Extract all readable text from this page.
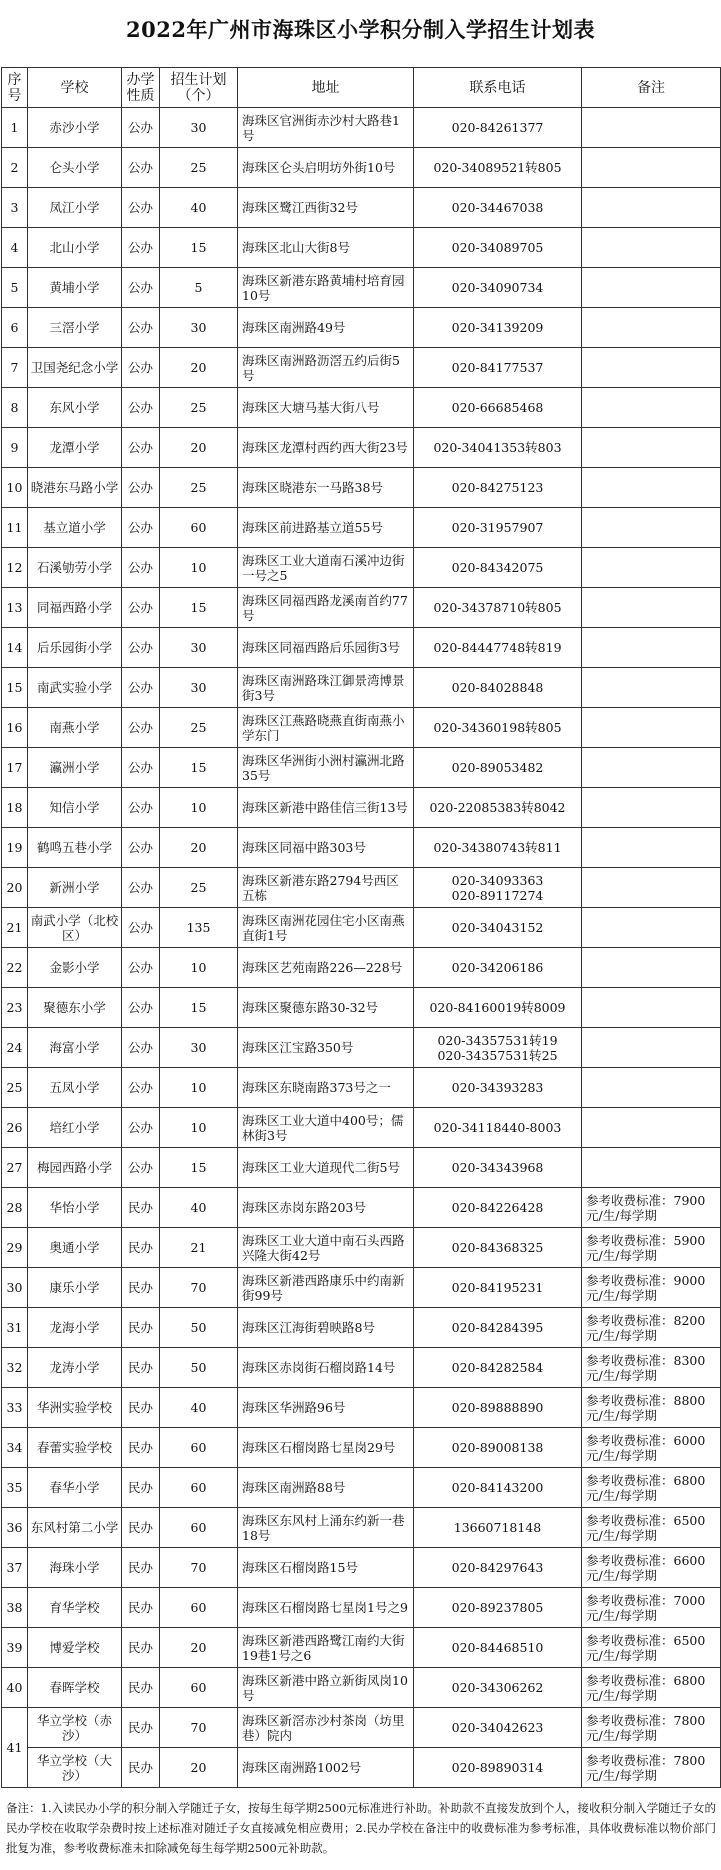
2022年广州市海珠区小学积分制入学招生计划表
序号	学校	办学性质	招生计划（个）	地址	联系电话	备注
1	赤沙小学	公办	30	海珠区官洲街赤沙村大路巷1号	020-84261377	
2	仑头小学	公办	25	海珠区仑头启明坊外街10号	020-34089521转805	
3	凤江小学	公办	40	海珠区鹭江西街32号	020-34467038	
4	北山小学	公办	15	海珠区北山大街8号	020-34089705	
5	黄埔小学	公办	5	海珠区新港东路黄埔村培育园10号	020-34090734	
6	三滘小学	公办	30	海珠区南洲路49号	020-34139209	
7	卫国尧纪念小学	公办	20	海珠区南洲路沥滘五约后街5号	020-84177537	
8	东风小学	公办	25	海珠区大塘马基大街八号	020-66685468	
9	龙潭小学	公办	20	海珠区龙潭村西约西大街23号	020-34041353转803	
10	晓港东马路小学	公办	25	海珠区晓港东一马路38号	020-84275123	
11	基立道小学	公办	60	海珠区前进路基立道55号	020-31957907	
12	石溪劬劳小学	公办	10	海珠区工业大道南石溪冲边街一号之5	020-84342075	
13	同福西路小学	公办	15	海珠区同福西路龙溪南首约77号	020-34378710转805	
14	后乐园街小学	公办	30	海珠区同福西路后乐园街3号	020-84447748转819	
15	南武实验小学	公办	30	海珠区南洲路珠江御景湾博景街3号	020-84028848	
16	南燕小学	公办	25	海珠区江燕路晓燕直街南燕小学东门	020-34360198转805	
17	瀛洲小学	公办	15	海珠区华洲街小洲村瀛洲北路35号	020-89053482	
18	知信小学	公办	10	海珠区新港中路佳信三街13号	020-22085383转8042	
19	鹤鸣五巷小学	公办	20	海珠区同福中路303号	020-34380743转811	
20	新洲小学	公办	25	海珠区新港东路2794号西区五栋	020-34093363
020-89117274	
21	南武小学（北校区）	公办	135	海珠区南洲花园住宅小区南燕直街1号	020-34043152	
22	金影小学	公办	10	海珠区艺苑南路226—228号	020-34206186	
23	聚德东小学	公办	15	海珠区聚德东路30-32号	020-84160019转8009	
24	海富小学	公办	30	海珠区江宝路350号	020-34357531转19
020-34357531转25	
25	五凤小学	公办	10	海珠区东晓南路373号之一	020-34393283	
26	培红小学	公办	10	海珠区工业大道中400号；儒林街3号	020-34118440-8003	
27	梅园西路小学	公办	15	海珠区工业大道现代二街5号	020-34343968	
28	华怡小学	民办	40	海珠区赤岗东路203号	020-84226428	参考收费标准：7900元/生/每学期
29	奥通小学	民办	21	海珠区工业大道中南石头西路兴隆大街42号	020-84368325	参考收费标准：5900元/生/每学期
30	康乐小学	民办	70	海珠区新港西路康乐中约南新街99号	020-84195231	参考收费标准：9000元/生/每学期
31	龙海小学	民办	50	海珠区江海街碧映路8号	020-84284395	参考收费标准：8200元/生/每学期
32	龙涛小学	民办	50	海珠区赤岗街石榴岗路14号	020-84282584	参考收费标准：8300元/生/每学期
33	华洲实验学校	民办	40	海珠区华洲路96号	020-89888890	参考收费标准：8800元/生/每学期
34	春蕾实验学校	民办	60	海珠区石榴岗路七星岗29号	020-89008138	参考收费标准：6000元/生/每学期
35	春华小学	民办	60	海珠区南洲路88号	020-84143200	参考收费标准：6800元/生/每学期
36	东风村第二小学	民办	60	海珠区东风村上涌东约新一巷18号	13660718148	参考收费标准：6500元/生/每学期
37	海珠小学	民办	70	海珠区石榴岗路15号	020-84297643	参考收费标准：6600元/生/每学期
38	育华学校	民办	60	海珠区石榴岗路七星岗1号之9	020-89237805	参考收费标准：7000元/生/每学期
39	博爱学校	民办	20	海珠区新港西路鹭江南约大街19巷1号之6	020-84468510	参考收费标准：6500元/生/每学期
40	春晖学校	民办	60	海珠区新港中路立新街凤岗10号	020-34306262	参考收费标准：6800元/生/每学期
41	华立学校（赤沙）	民办	70	海珠区新滘赤沙村茶岗（坊里巷）院内	020-34042623	参考收费标准：7800元/生/每学期
	华立学校（大沙）	民办	20	海珠区南洲路1002号	020-89890314	参考收费标准：7800元/生/每学期
备注：1.入读民办小学的积分制入学随迁子女，按每生每学期2500元标准进行补助。补助款不直接发放到个人，接收积分制入学随迁子女的民办学校在收取学杂费时按上述标准对随迁子女直接减免相应费用；2.民办学校在备注中的收费标准为参考标准，具体收费标准以物价部门批复为准，参考收费标准未扣除减免每生每学期2500元补助款。
